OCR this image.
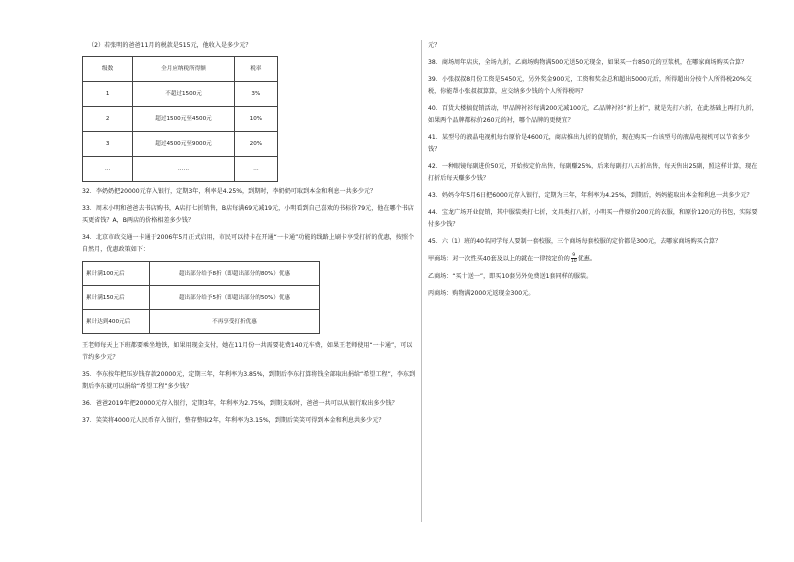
（2）若张明的爸爸11月的税款是515元，他收入是多少元？

级数	全月应纳税所得额	税率
1	不超过1500元	3%
2	超过1500元至4500元	10%
3	超过4500元至9000元	20%
…	……	…

32．李奶奶把20000元存入银行，定期3年，利率是4.25%，到期时，李奶奶可取到本金和利息一共多少元？

33．周末小明和爸爸去书店购书，A店打七折销售，B店每满69元减19元，小明看到自己喜欢的书标价79元，他在哪个书店买更省钱？A，B两店的价格相差多少钱？

34．北京市政交通一卡通于2006年5月正式启用，市民可以持卡在开通“一卡通”功能的线路上刷卡享受打折的优惠，按照个自然月，优惠政策如下：

累计满100元后	超出部分给予8折（即超出部分的80%）优惠
累计满150元后	超出部分给予5折（即超出部分的50%）优惠
累计达到400元后	不再享受打折优惠

王老师每天上下班都要乘坐地铁，如果用现金支付，她在11月份一共需要花费140元车费，如果王老师使用“一卡通”，可以节约多少元？

35．李东按年把压岁钱存款20000元，定期三年，年利率为3.85%，到期后李东打算将钱全部取出捐给“希望工程”，李东到期后李东就可以捐给“希望工程”多少钱？

36．爸爸2019年把20000元存入银行，定期3年，年利率为2.75%，到期支取时，爸爸一共可以从银行取出多少钱？

37．笑笑将4000元人民币存入银行，整存整取2年，年利率为3.15%，到期后笑笑可得到本金和利息共多少元？

元？

38．商场周年店庆，全场九折，乙商场购物满500元送50元现金，如果买一台850元的豆浆机，在哪家商场购买合算？

39．小张叔叔8月份工资是5450元，另外奖金900元，工资和奖金总和超出5000元后，所得超出分按个人所得税20%交税，你能帮小张叔叔算算，应交纳多少钱的个人所得税吗？

40．百货大楼搞促销活动，甲品牌衬衫每满200元减100元，乙品牌衬衫“折上折”，就是先打六折，在此基础上再打九折，如果两个品牌都标价260元的衬，哪个品牌的更便宜？

41．某型号的液晶电视机每台原价是4600元，商店推出九折的促销价，现在购买一台该型号的液晶电视机可以节省多少钱？

42．一种眼镜每副进价50元，开始按定价出售，每副赚25%，后来每副打八五折出售，每天售出25副，照这样计算，现在打折后每天赚多少钱？

43．妈妈今年5月6日把6000元存入银行，定期为三年，年利率为4.25%，到期后，妈妈能取出本金和利息一共多少元？

44．宝龙广场开业促销，其中服装类打七折，文具类打八折，小明买一件原价200元的衣服，和原价120元的书包，实际要付多少钱？

45．六（1）班的40名同学每人要制一套校服，三个商场每套校服的定价都是300元，去哪家商场购买合算？

甲商场：对一次性买40套及以上的就在一律按定价的 $\frac{9}{10}$ 优惠。

乙商场：“买十送一”，即买10套另外免费送1套同样的服装。

丙商场：购物满2000元返现金300元。
